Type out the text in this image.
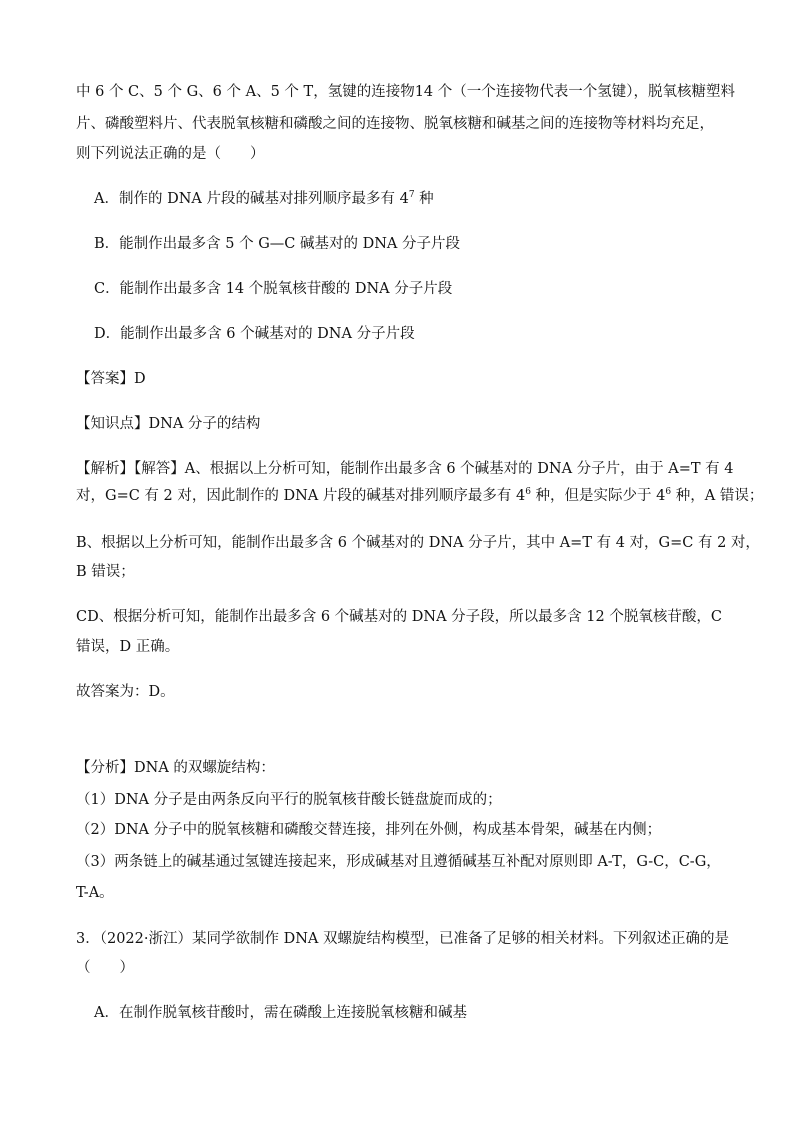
中 6 个 C、5 个 G、6 个 A、5 个 T，氢键的连接物14 个（一个连接物代表一个氢键），脱氧核糖塑料
片、磷酸塑料片、代表脱氧核糖和磷酸之间的连接物、脱氧核糖和碱基之间的连接物等材料均充足，
则下列说法正确的是（　　）
A．制作的 DNA 片段的碱基对排列顺序最多有 $4^7$ 种
B．能制作出最多含 5 个 G—C 碱基对的 DNA 分子片段
C．能制作出最多含 14 个脱氧核苷酸的 DNA 分子片段
D．能制作出最多含 6 个碱基对的 DNA 分子片段
【答案】D
【知识点】DNA 分子的结构
【解析】【解答】A、根据以上分析可知，能制作出最多含 6 个碱基对的 DNA 分子片，由于 A=T 有 4
对，G=C 有 2 对，因此制作的 DNA 片段的碱基对排列顺序最多有 $4^6$ 种，但是实际少于 $4^6$ 种，A 错误；
B、根据以上分析可知，能制作出最多含 6 个碱基对的 DNA 分子片，其中 A=T 有 4 对，G=C 有 2 对，
B 错误；
CD、根据分析可知，能制作出最多含 6 个碱基对的 DNA 分子段，所以最多含 12 个脱氧核苷酸，C
错误，D 正确。
故答案为：D。
【分析】DNA 的双螺旋结构：
（1）DNA 分子是由两条反向平行的脱氧核苷酸长链盘旋而成的；
（2）DNA 分子中的脱氧核糖和磷酸交替连接，排列在外侧，构成基本骨架，碱基在内侧；
（3）两条链上的碱基通过氢键连接起来，形成碱基对且遵循碱基互补配对原则即 A-T，G-C，C-G，
T-A。
3．（2022·浙江）某同学欲制作 DNA 双螺旋结构模型，已准备了足够的相关材料。下列叙述正确的是
（　　）
A．在制作脱氧核苷酸时，需在磷酸上连接脱氧核糖和碱基
